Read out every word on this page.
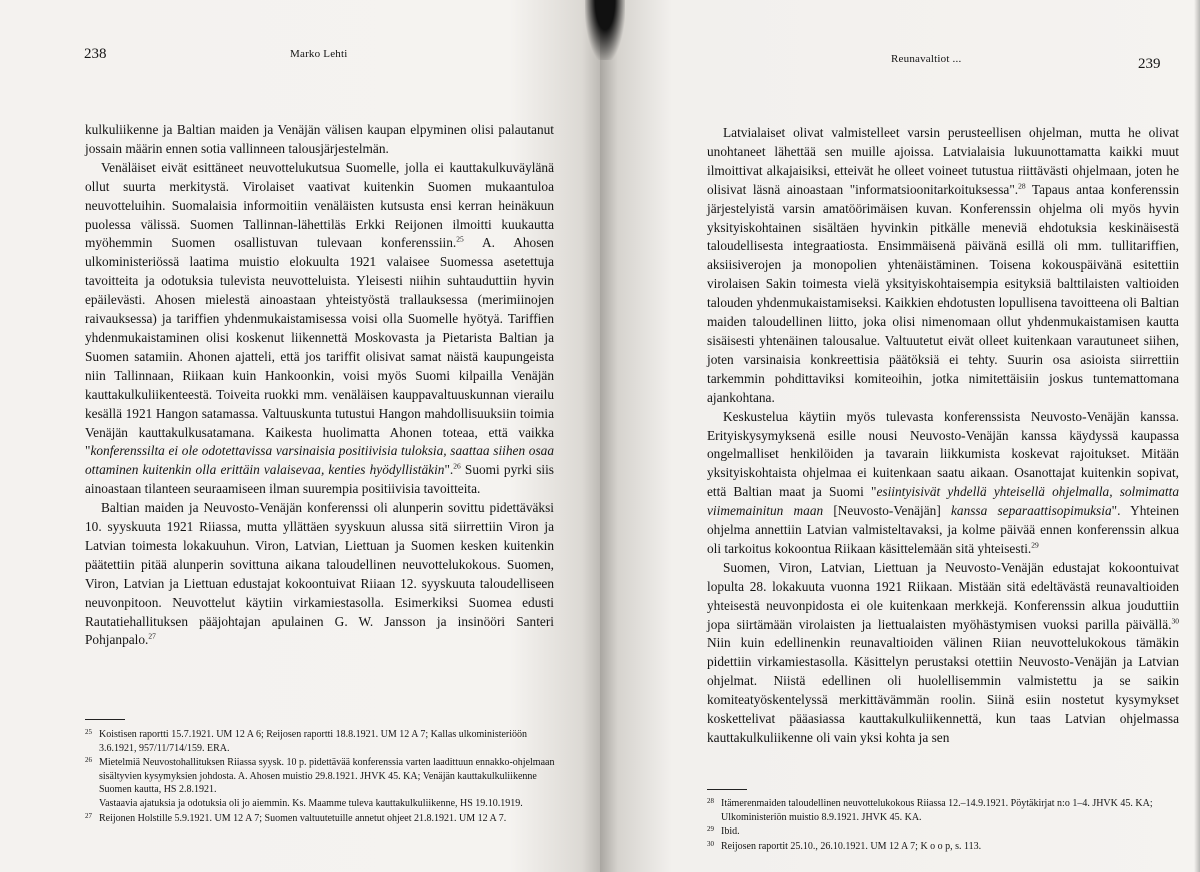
238	Marko Lehti

kulkuliikenne ja Baltian maiden ja Venäjän välisen kaupan elpyminen olisi palautanut jossain määrin ennen sotia vallinneen talousjärjestelmän.

Venäläiset eivät esittäneet neuvottelukutsua Suomelle, jolla ei kauttakulkuväylänä ollut suurta merkitystä. Virolaiset vaativat kuitenkin Suomen mukaantuloa neuvotteluihin. Suomalaisia informoitiin venäläisten kutsusta ensi kerran heinäkuun puolessa välissä. Suomen Tallinnan-lähettiläs Erkki Reijonen ilmoitti kuukautta myöhemmin Suomen osallistuvan tulevaan konferenssiin.$^{25}$ A. Ahosen ulkoministeriössä laatima muistio elokuulta 1921 valaisee Suomessa asetettuja tavoitteita ja odotuksia tulevista neuvotteluista. Yleisesti niihin suhtauduttiin hyvin epäilevästi. Ahosen mielestä ainoastaan yhteistyöstä trallauksessa (merimiinojen raivauksessa) ja tariffien yhdenmukaistamisessa voisi olla Suomelle hyötyä. Tariffien yhdenmukaistaminen olisi koskenut liikennettä Moskovasta ja Pietarista Baltian ja Suomen satamiin. Ahonen ajatteli, että jos tariffit olisivat samat näistä kaupungeista niin Tallinnaan, Riikaan kuin Hankoonkin, voisi myös Suomi kilpailla Venäjän kauttakulkuliikenteestä. Toiveita ruokki mm. venäläisen kauppavaltuuskunnan vierailu kesällä 1921 Hangon satamassa. Valtuuskunta tutustui Hangon mahdollisuuksiin toimia Venäjän kauttakulkusatamana. Kaikesta huolimatta Ahonen toteaa, että vaikka "konferenssilta ei ole odotettavissa varsinaisia positiivisia tuloksia, saattaa siihen osaa ottaminen kuitenkin olla erittäin valaisevaa, kenties hyödyllistäkin".$^{26}$ Suomi pyrki siis ainoastaan tilanteen seuraamiseen ilman suurempia positiivisia tavoitteita.

Baltian maiden ja Neuvosto-Venäjän konferenssi oli alunperin sovittu pidettäväksi 10. syyskuuta 1921 Riiassa, mutta yllättäen syyskuun alussa sitä siirrettiin Viron ja Latvian toimesta lokakuuhun. Viron, Latvian, Liettuan ja Suomen kesken kuitenkin päätettiin pitää alunperin sovittuna aikana taloudellinen neuvottelukokous. Suomen, Viron, Latvian ja Liettuan edustajat kokoontuivat Riiaan 12. syyskuuta taloudelliseen neuvonpitoon. Neuvottelut käytiin virkamiestasolla. Esimerkiksi Suomea edusti Rautatiehallituksen pääjohtajan apulainen G. W. Jansson ja insinööri Santeri Pohjanpalo.$^{27}$

25 Koistisen raportti 15.7.1921. UM 12 A 6; Reijosen raportti 18.8.1921. UM 12 A 7; Kallas ulkoministeriöön 3.6.1921, 957/11/714/159. ERA.
26 Mietelmiä Neuvostohallituksen Riiassa syysk. 10 p. pidettävää konferenssia varten laadittuun ennakko-ohjelmaan sisältyvien kysymyksien johdosta. A. Ahosen muistio 29.8.1921. JHVK 45. KA; Venäjän kauttakulkuliikenne Suomen kautta, HS 2.8.1921.
Vastaavia ajatuksia ja odotuksia oli jo aiemmin. Ks. Maamme tuleva kauttakulkuliikenne, HS 19.10.1919.
27 Reijonen Holstille 5.9.1921. UM 12 A 7; Suomen valtuutetuille annetut ohjeet 21.8.1921. UM 12 A 7.
Reunavaltiot ...	239

Latvialaiset olivat valmistelleet varsin perusteellisen ohjelman, mutta he olivat unohtaneet lähettää sen muille ajoissa. Latvialaisia lukuunottamatta kaikki muut ilmoittivat alkajaisiksi, etteivät he olleet voineet tutustua riittävästi ohjelmaan, joten he olisivat läsnä ainoastaan "informatsioonitarkoituksessa".$^{28}$ Tapaus antaa konferenssin järjestelyistä varsin amatöörimäisen kuvan. Konferenssin ohjelma oli myös hyvin yksityiskohtainen sisältäen hyvinkin pitkälle meneviä ehdotuksia keskinäisestä taloudellisesta integraatiosta. Ensimmäisenä päivänä esillä oli mm. tullitariffien, aksiisiverojen ja monopolien yhtenäistäminen. Toisena kokouspäivänä esitettiin virolaisen Sakin toimesta vielä yksityiskohtaisempia esityksiä balttilaisten valtioiden talouden yhdenmukaistamiseksi. Kaikkien ehdotusten lopullisena tavoitteena oli Baltian maiden taloudellinen liitto, joka olisi nimenomaan ollut yhdenmukaistamisen kautta sisäisesti yhtenäinen talousalue. Valtuutetut eivät olleet kuitenkaan varautuneet siihen, joten varsinaisia konkreettisia päätöksiä ei tehty. Suurin osa asioista siirrettiin tarkemmin pohdittaviksi komiteoihin, jotka nimitettäisiin joskus tuntemattomana ajankohtana.

Keskustelua käytiin myös tulevasta konferenssista Neuvosto-Venäjän kanssa. Erityiskysymyksenä esille nousi Neuvosto-Venäjän kanssa käydyssä kaupassa ongelmalliset henkilöiden ja tavarain liikkumista koskevat rajoitukset. Mitään yksityiskohtaista ohjelmaa ei kuitenkaan saatu aikaan. Osanottajat kuitenkin sopivat, että Baltian maat ja Suomi "esiintyisivät yhdellä yhteisellä ohjelmalla, solmimatta viimemainitun maan [Neuvosto-Venäjän] kanssa separaattisopimuksia". Yhteinen ohjelma annettiin Latvian valmisteltavaksi, ja kolme päivää ennen konferenssin alkua oli tarkoitus kokoontua Riikaan käsittelemään sitä yhteisesti.$^{29}$

Suomen, Viron, Latvian, Liettuan ja Neuvosto-Venäjän edustajat kokoontuivat lopulta 28. lokakuuta vuonna 1921 Riikaan. Mistään sitä edeltävästä reunavaltioiden yhteisestä neuvonpidosta ei ole kuitenkaan merkkejä. Konferenssin alkua jouduttiin jopa siirtämään virolaisten ja liettualaisten myöhästymisen vuoksi parilla päivällä.$^{30}$ Niin kuin edellinenkin reunavaltioiden välinen Riian neuvottelukokous tämäkin pidettiin virkamiestasolla. Käsittelyn perustaksi otettiin Neuvosto-Venäjän ja Latvian ohjelmat. Niistä edellinen oli huolellisemmin valmistettu ja se saikin komiteatyöskentelyssä merkittävämmän roolin. Siinä esiin nostetut kysymykset koskettelivat pääasiassa kauttakulkuliikennettä, kun taas Latvian ohjelmassa kauttakulkuliikenne oli vain yksi kohta ja sen

28 Itämerenmaiden taloudellinen neuvottelukokous Riiassa 12.–14.9.1921. Pöytäkirjat n:o 1–4. JHVK 45. KA; Ulkoministeriön muistio 8.9.1921. JHVK 45. KA.
29 Ibid.
30 Reijosen raportit 25.10., 26.10.1921. UM 12 A 7; K o o p, s. 113.
